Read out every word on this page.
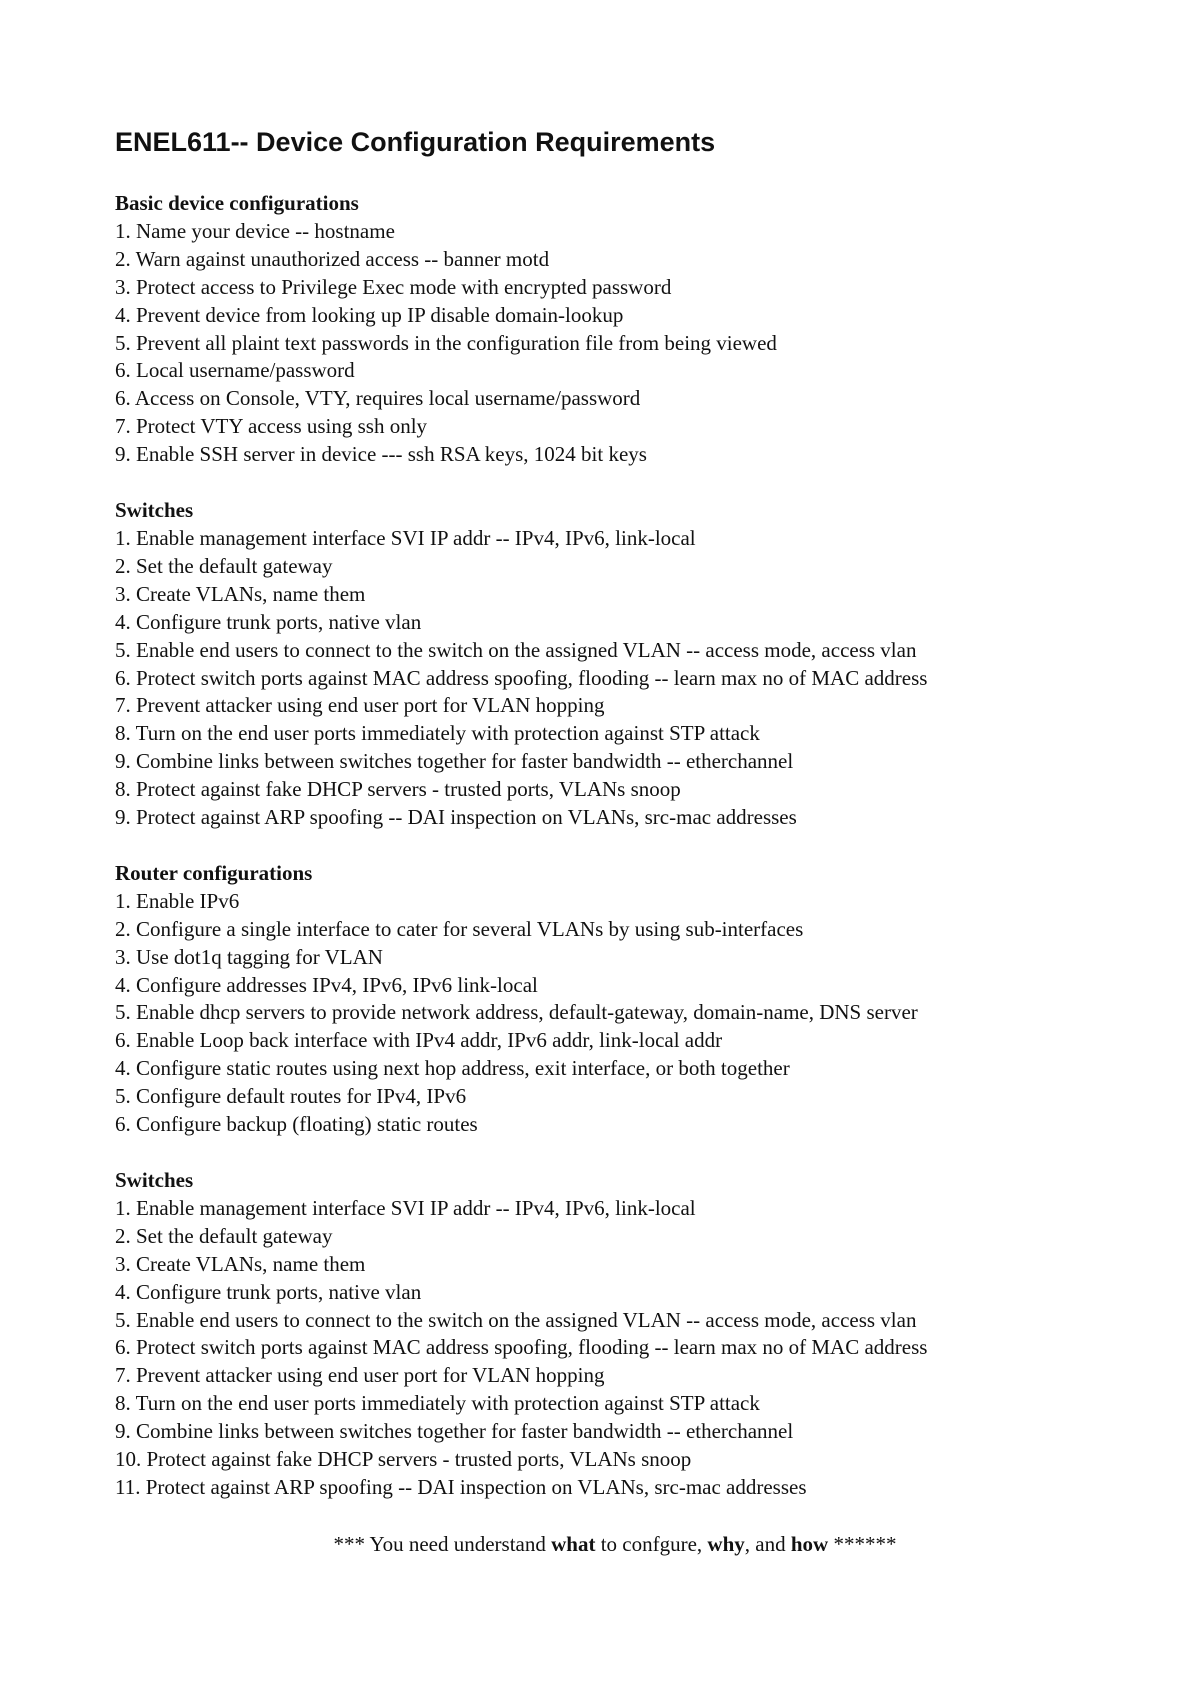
ENEL611-- Device Configuration Requirements
Basic device configurations
1. Name your device -- hostname
2. Warn against unauthorized access -- banner motd
3. Protect access to Privilege Exec mode with encrypted password
4. Prevent device from looking up IP disable domain-lookup
5. Prevent all plaint text passwords in the configuration file from being viewed
6. Local username/password
6. Access on Console, VTY, requires local username/password
7. Protect VTY access using ssh only
9. Enable SSH server in device --- ssh RSA keys, 1024 bit keys
Switches
1. Enable management interface SVI IP addr -- IPv4, IPv6, link-local
2. Set the default gateway
3. Create VLANs, name them
4. Configure trunk ports, native vlan
5. Enable end users to connect to the switch on the assigned VLAN -- access mode, access vlan
6. Protect switch ports against MAC address spoofing, flooding -- learn max no of MAC address
7. Prevent attacker using end user port for VLAN hopping
8. Turn on the end user ports immediately with protection against STP attack
9. Combine links between switches together for faster bandwidth -- etherchannel
8. Protect against fake DHCP servers - trusted ports, VLANs snoop
9. Protect against ARP spoofing -- DAI inspection on VLANs, src-mac addresses
Router configurations
1. Enable IPv6
2. Configure a single interface to cater for several VLANs by using sub-interfaces
3. Use dot1q tagging for VLAN
4. Configure addresses IPv4, IPv6, IPv6 link-local
5. Enable dhcp servers to provide network address, default-gateway, domain-name, DNS server
6. Enable Loop back interface with IPv4 addr, IPv6 addr, link-local addr
4. Configure static routes using next hop address, exit interface, or both together
5. Configure default routes for IPv4, IPv6
6. Configure backup (floating) static routes
Switches
1. Enable management interface SVI IP addr -- IPv4, IPv6, link-local
2. Set the default gateway
3. Create VLANs, name them
4. Configure trunk ports, native vlan
5. Enable end users to connect to the switch on the assigned VLAN -- access mode, access vlan
6. Protect switch ports against MAC address spoofing, flooding -- learn max no of MAC address
7. Prevent attacker using end user port for VLAN hopping
8. Turn on the end user ports immediately with protection against STP attack
9. Combine links between switches together for faster bandwidth -- etherchannel
10. Protect against fake DHCP servers - trusted ports, VLANs snoop
11. Protect against ARP spoofing -- DAI inspection on VLANs, src-mac addresses
*** You need understand what to confgure, why, and how ******
